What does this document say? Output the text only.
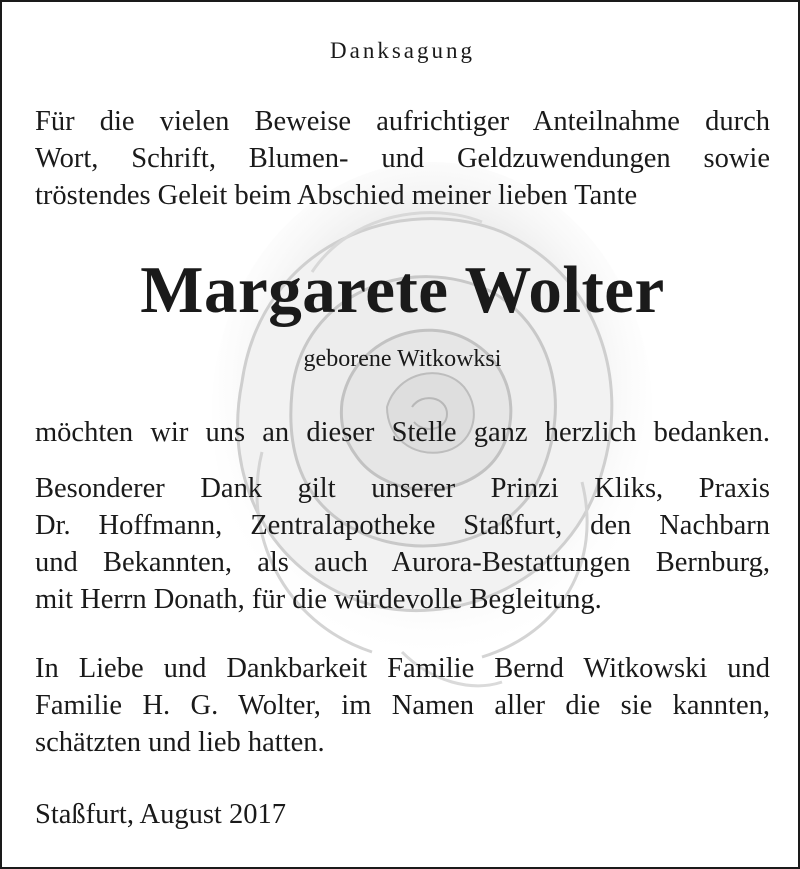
Danksagung
Für die vielen Beweise aufrichtiger Anteilnahme durch
Wort, Schrift, Blumen- und Geldzuwendungen sowie
tröstendes Geleit beim Abschied meiner lieben Tante
Margarete Wolter
geborene Witkowksi
möchten wir uns an dieser Stelle ganz herzlich bedanken.
Besonderer Dank gilt unserer Prinzi Kliks, Praxis
Dr. Hoffmann, Zentralapotheke Staßfurt, den Nachbarn
und Bekannten, als auch Aurora-Bestattungen Bernburg,
mit Herrn Donath, für die würdevolle Begleitung.
In Liebe und Dankbarkeit Familie Bernd Witkowski und
Familie H. G. Wolter, im Namen aller die sie kannten,
schätzten und lieb hatten.
Staßfurt, August 2017
